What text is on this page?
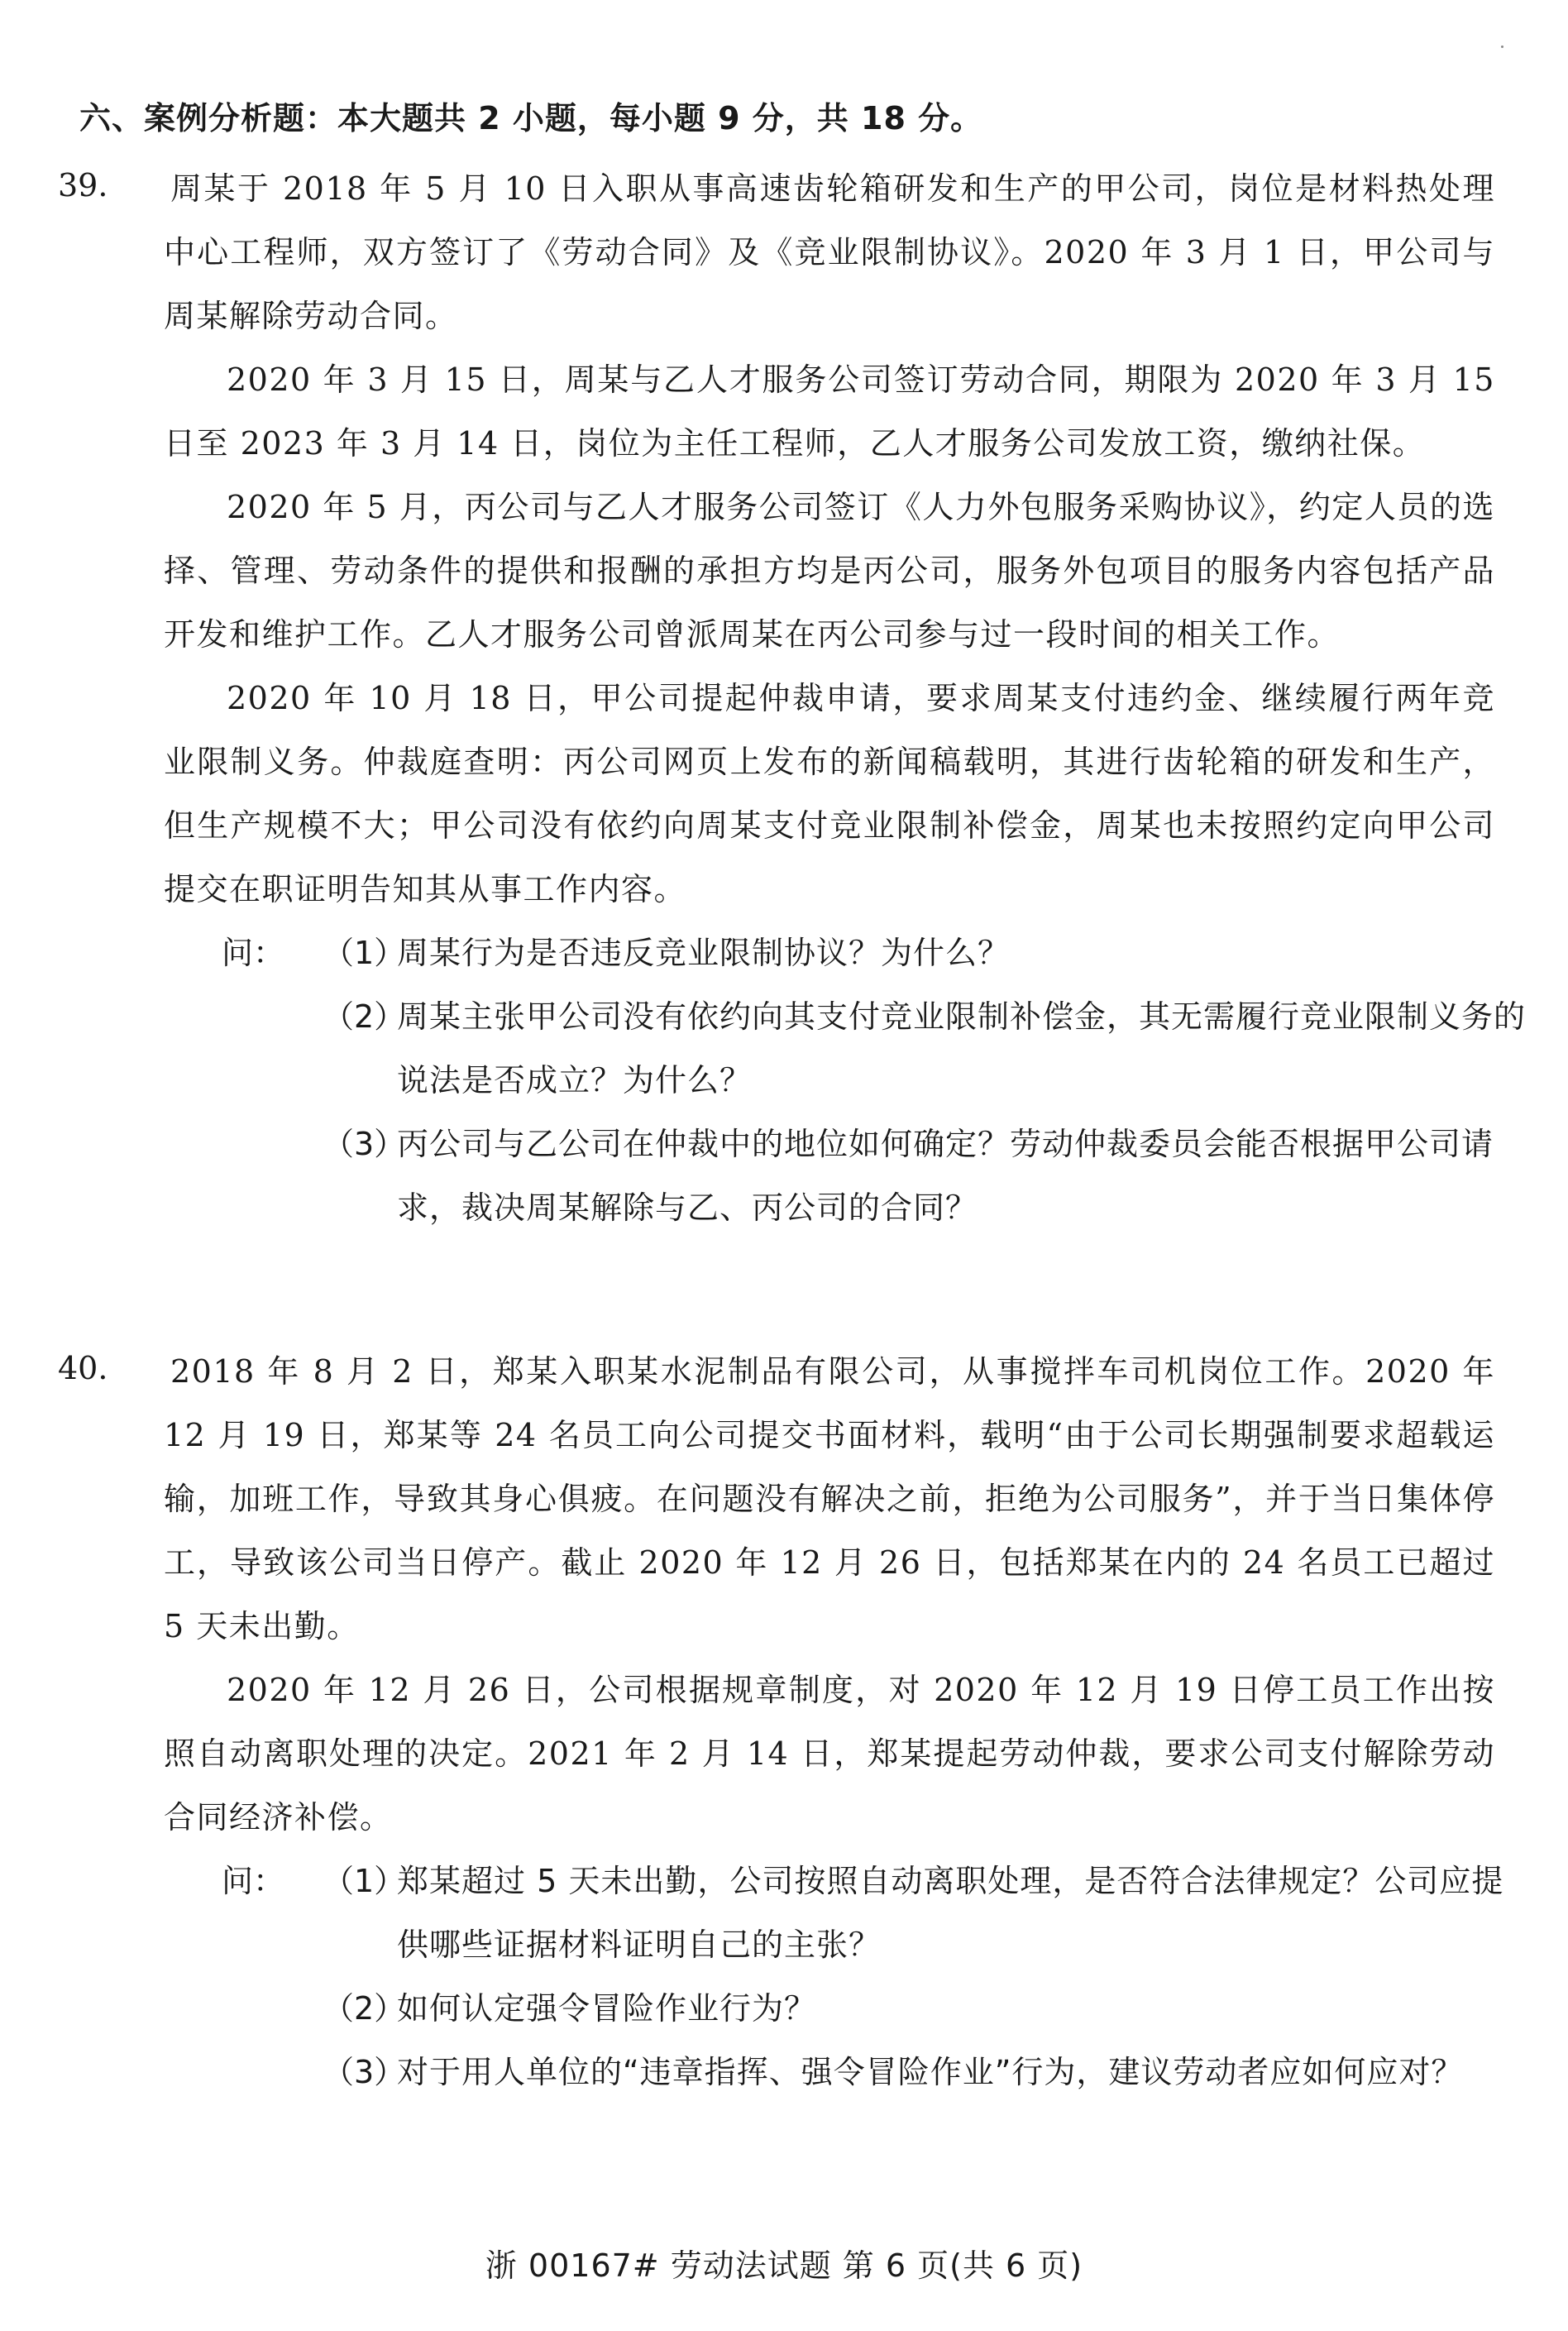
六、案例分析题：本大题共 2 小题，每小题 9 分，共 18 分。
39. 周某于 2018 年 5 月 10 日入职从事高速齿轮箱研发和生产的甲公司，岗位是材料热处理中心工程师，双方签订了《劳动合同》及《竞业限制协议》。2020 年 3 月 1 日，甲公司与周某解除劳动合同。

2020 年 3 月 15 日，周某与乙人才服务公司签订劳动合同，期限为 2020 年 3 月 15 日至 2023 年 3 月 14 日，岗位为主任工程师，乙人才服务公司发放工资，缴纳社保。

2020 年 5 月，丙公司与乙人才服务公司签订《人力外包服务采购协议》，约定人员的选择、管理、劳动条件的提供和报酬的承担方均是丙公司，服务外包项目的服务内容包括产品开发和维护工作。乙人才服务公司曾派周某在丙公司参与过一段时间的相关工作。

2020 年 10 月 18 日，甲公司提起仲裁申请，要求周某支付违约金、继续履行两年竞业限制义务。仲裁庭查明：丙公司网页上发布的新闻稿载明，其进行齿轮箱的研发和生产，但生产规模不大；甲公司没有依约向周某支付竞业限制补偿金，周某也未按照约定向甲公司提交在职证明告知其从事工作内容。

问：	（1）
周某行为是否违反竞业限制协议？为什么？
（2）
周某主张甲公司没有依约向其支付竞业限制补偿金，其无需履行竞业限制义务的说法是否成立？为什么？
（3）
丙公司与乙公司在仲裁中的地位如何确定？劳动仲裁委员会能否根据甲公司请求，裁决周某解除与乙、丙公司的合同？
40. 2018 年 8 月 2 日，郑某入职某水泥制品有限公司，从事搅拌车司机岗位工作。2020 年 12 月 19 日，郑某等 24 名员工向公司提交书面材料，载明“由于公司长期强制要求超载运输，加班工作，导致其身心俱疲。在问题没有解决之前，拒绝为公司服务”，并于当日集体停工，导致该公司当日停产。截止 2020 年 12 月 26 日，包括郑某在内的 24 名员工已超过 5 天未出勤。

2020 年 12 月 26 日，公司根据规章制度，对 2020 年 12 月 19 日停工员工作出按照自动离职处理的决定。2021 年 2 月 14 日，郑某提起劳动仲裁，要求公司支付解除劳动合同经济补偿。

问：	（1）
郑某超过 5 天未出勤，公司按照自动离职处理，是否符合法律规定？公司应提供哪些证据材料证明自己的主张？
（2）
如何认定强令冒险作业行为？
（3）
对于用人单位的“违章指挥、强令冒险作业”行为，建议劳动者应如何应对？
浙 00167# 劳动法试题 第 6 页(共 6 页)
